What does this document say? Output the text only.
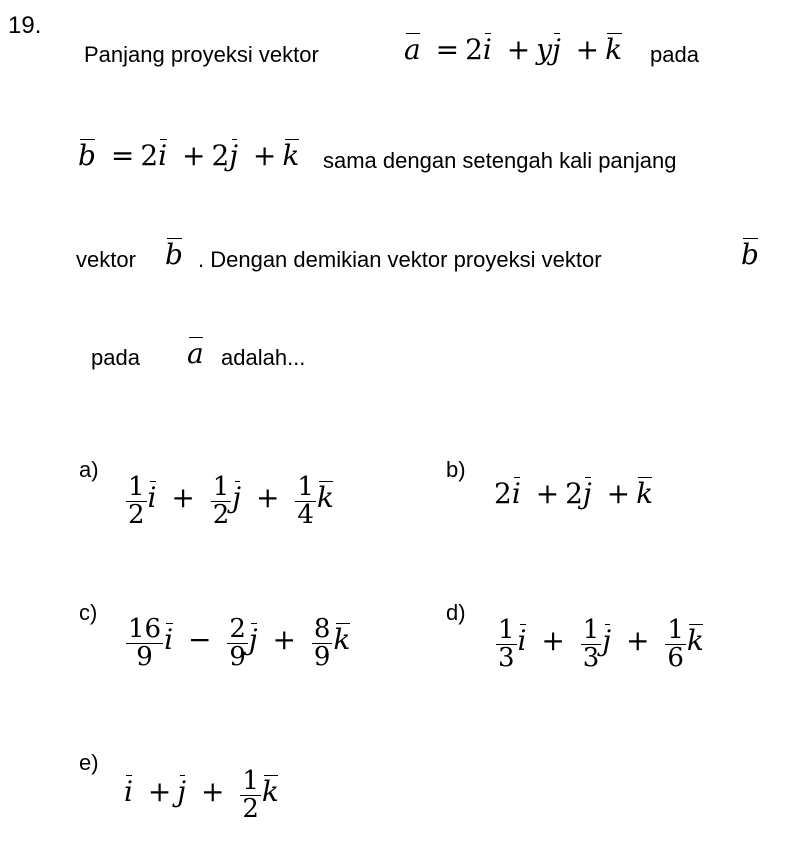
19.
Panjang proyeksi vektor	a = 2i + yj + k pada
b = 2i + 2j + k sama dengan setengah kali panjang
vektor b . Dengan demikian vektor proyeksi vektor	b
pada a adalah...
a)
$\frac{1}{2}$ $i + \frac{1}{2}$ $j + \frac{1}{4}$ k
b)
2i + 2j + k
c)
$\frac{16}{9}$ $i - \frac{2}{9}$ $j + \frac{8}{9}$ k
d)
$\frac{1}{3}$ $i + \frac{1}{3}$ $j + \frac{1}{6}$ k
e)
$i + j + \frac{1}{2}$ k
